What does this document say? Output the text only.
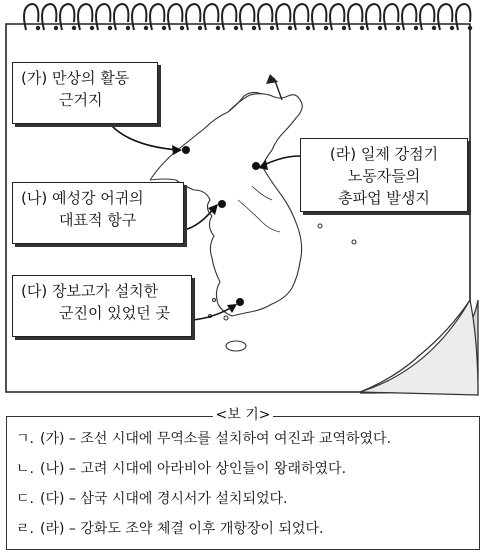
(가) 만상의 활동
근거지
(나) 예성강 어귀의
대표적 항구
(다) 장보고가 설치한
군진이 있었던 곳
(라) 일제 강점기
노동자들의
총파업 발생지
<보 기>
ㄱ. (가) – 조선 시대에 무역소를 설치하여 여진과 교역하였다.
ㄴ. (나) – 고려 시대에 아라비아 상인들이 왕래하였다.
ㄷ. (다) – 삼국 시대에 경시서가 설치되었다.
ㄹ. (라) – 강화도 조약 체결 이후 개항장이 되었다.
